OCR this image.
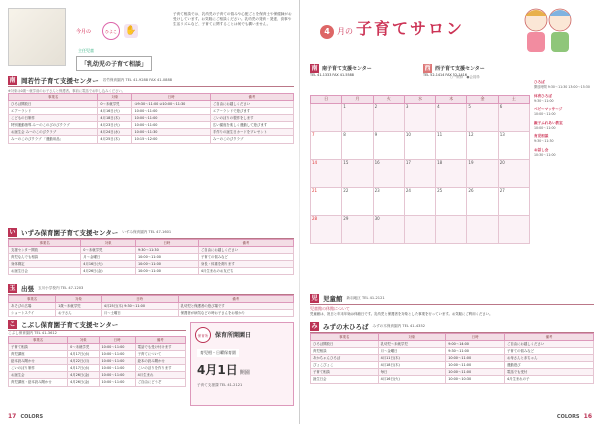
今月の	ひよこ ✋
主任児童
「乳幼児の子育て相談」
子育て相談では、乳幼児の子育ての悩みや心配ごとを保育士や保健師がお受けしています。お気軽にご相談ください。乳幼児の発育・発達、食事や生活リズムなど、子育てに関することは何でも構いません。
南 岡若竹子育て支援センター 若竹保育園内 TEL 41-9288 FAX 41-0888
※対象は0歳〜就学前のお子さんと保護者。事前に電話でお申し込みください。
事業名	対象	日時	備考
ひろば開放日	0〜未就学児	①9:30〜11:00 ②10:00〜11:30	ご自由にお越しください
エアーランド	4月16日(火)	10:00〜11:00	エアーランドで遊びます
こどもの日制作	4月18日(木)	10:00〜11:00	こいのぼりの製作をします
特別運動指導 みーのこのびのびクラブ	4月23日(火)	10:00〜11:00	広い園庭を楽しく運動して遊びます
お誕生会 みーのこのびクラブ	4月24日(水)	10:00〜11:30	手作りの誕生日カードをプレゼント
みーのこのびクラブ 「運動用品」	4月25日(木)	10:15〜12:00	みーのこのびクラブ
い いずみ保育園子育て支援センター いずみ保育園内 TEL 47-1601
事業名	対象	日時	備考
支援センター開放	0〜未就学児	9:30〜11:30	ご自由にお越しください
育児なんでも相談	月〜金曜日	10:00〜11:00	子育ての悩みなど
身体測定	4月16日(火)	10:00〜11:00	身長・体重を測ります
お誕生日会	4月26日(金)	10:00〜11:00	4月生まれのお友だち
玉 出張 玉川小学校内 TEL 47-1203
事業名	対象	日時	備考
あそびの広場	1歳〜未就学児	4月25日(木) 9:30〜11:00	乳幼児と保護者の遊び場です
ショートステイ	お子さん	月〜土曜日	保護者が病気などの時お子さんをお預かり
こ こぶし保育園子育て支援センター
こぶし保育園内 TEL 41-3612
事業名	対象	日時	備考
子育て相談	0〜未就学児	10:00〜11:00	電話でも受け付けます
育児講座	4月17日(水)	10:00〜11:00	子育てについて
絵本読み聞かせ	4月22日(月)	10:00〜11:00	絵本の読み聞かせ
こいのぼり制作	4月17日(水)	10:00〜11:00	こいのぼりを作ります
お誕生会	4月26日(金)	10:00〜11:00	4月生まれ
育児講座・絵本読み聞かせ	4月26日(金)	10:00〜11:00	ご自由にどうぞ
保育所	保育所開園日
育児相・日曜保育園
4月1日 開園
子育て支援課 TEL 41-2121
17 COLORS
4 月の 子育てサロン
南 南子育て支援センター
TEL 41-1333 FAX 41-5588
西 西子育て支援センター
TEL 52-1414 FAX 52-1416
○一般枠　●会員枠
日	月	火	水	木	金	土
	1	2	3	4	5	6
7	8	9	10	11	12	13
14	15	16	17	18	19	20
21	22	23	24	25	26	27
28	29	30				
ひろば
開放時間 9:30〜11:30 13:00〜15:30
体育ひろば
9:30〜11:00
ベビーマッサージ
10:00〜11:00
親子ふれあい教室
10:00〜11:00
育児相談
9:30〜11:30
お話し会
10:30〜11:00
児 児童館 新羽地区 TEL 41-2121
児童館の休館について
児童館は、祝日と年末年始は休館日です。乳幼児と保護者を対象とした事業を行っています。お気軽にご利用ください。
み みずの木ひろば みずの木保育園内 TEL 41-4352
事業名	対象	日時	備考
ひろば開放日	乳幼児〜未就学児	9:00〜14:00	ご自由にお越しください
育児相談	月〜金曜日	9:30〜11:00	子育ての悩みなど
あかちゃんひろば	4月11日(木)	10:00〜11:00	お母さんと赤ちゃん
ぴょこぴょこ	4月18日(木)	10:00〜11:00	運動遊び
子育て相談	毎日	10:00〜11:00	電話でも受付
誕生日会	4月16日(火)	10:00〜10:30	4月生まれの子
COLORS 16
